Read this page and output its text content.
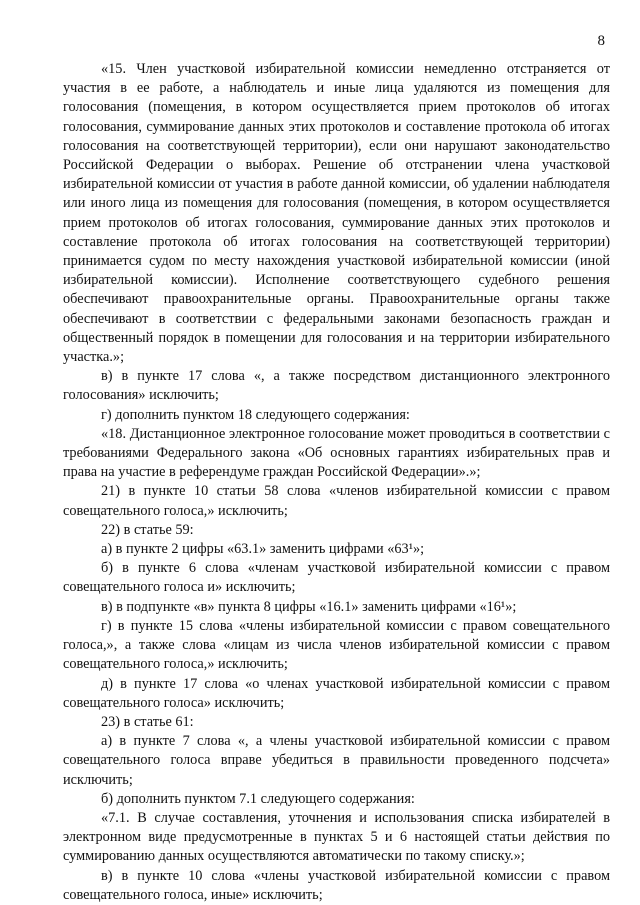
8

«15. Член участковой избирательной комиссии немедленно отстраняется от участия в ее работе, а наблюдатель и иные лица удаляются из помещения для голосования (помещения, в котором осуществляется прием протоколов об итогах голосования, суммирование данных этих протоколов и составление протокола об итогах голосования на соответствующей территории), если они нарушают законодательство Российской Федерации о выборах. Решение об отстранении члена участковой избирательной комиссии от участия в работе данной комиссии, об удалении наблюдателя или иного лица из помещения для голосования (помещения, в котором осуществляется прием протоколов об итогах голосования, суммирование данных этих протоколов и составление протокола об итогах голосования на соответствующей территории) принимается судом по месту нахождения участковой избирательной комиссии (иной избирательной комиссии). Исполнение соответствующего судебного решения обеспечивают правоохранительные органы. Правоохранительные органы также обеспечивают в соответствии с федеральными законами безопасность граждан и общественный порядок в помещении для голосования и на территории избирательного участка.»;

в) в пункте 17 слова «, а также посредством дистанционного электронного голосования» исключить;

г) дополнить пунктом 18 следующего содержания:

«18. Дистанционное электронное голосование может проводиться в соответствии с требованиями Федерального закона «Об основных гарантиях избирательных прав и права на участие в референдуме граждан Российской Федерации».»;

21) в пункте 10 статьи 58 слова «членов избирательной комиссии с правом совещательного голоса,» исключить;

22) в статье 59:

а) в пункте 2 цифры «63.1» заменить цифрами «63¹»;

б) в пункте 6 слова «членам участковой избирательной комиссии с правом совещательного голоса и» исключить;

в) в подпункте «в» пункта 8 цифры «16.1» заменить цифрами «16¹»;

г) в пункте 15 слова «члены избирательной комиссии с правом совещательного голоса,», а также слова «лицам из числа членов избирательной комиссии с правом совещательного голоса,» исключить;

д) в пункте 17 слова «о членах участковой избирательной комиссии с правом совещательного голоса» исключить;

23) в статье 61:

а) в пункте 7 слова «, а члены участковой избирательной комиссии с правом совещательного голоса вправе убедиться в правильности проведенного подсчета» исключить;

б) дополнить пунктом 7.1 следующего содержания:

«7.1. В случае составления, уточнения и использования списка избирателей в электронном виде предусмотренные в пунктах 5 и 6 настоящей статьи действия по суммированию данных осуществляются автоматически по такому списку.»;

в) в пункте 10 слова «члены участковой избирательной комиссии с правом совещательного голоса, иные» исключить;
